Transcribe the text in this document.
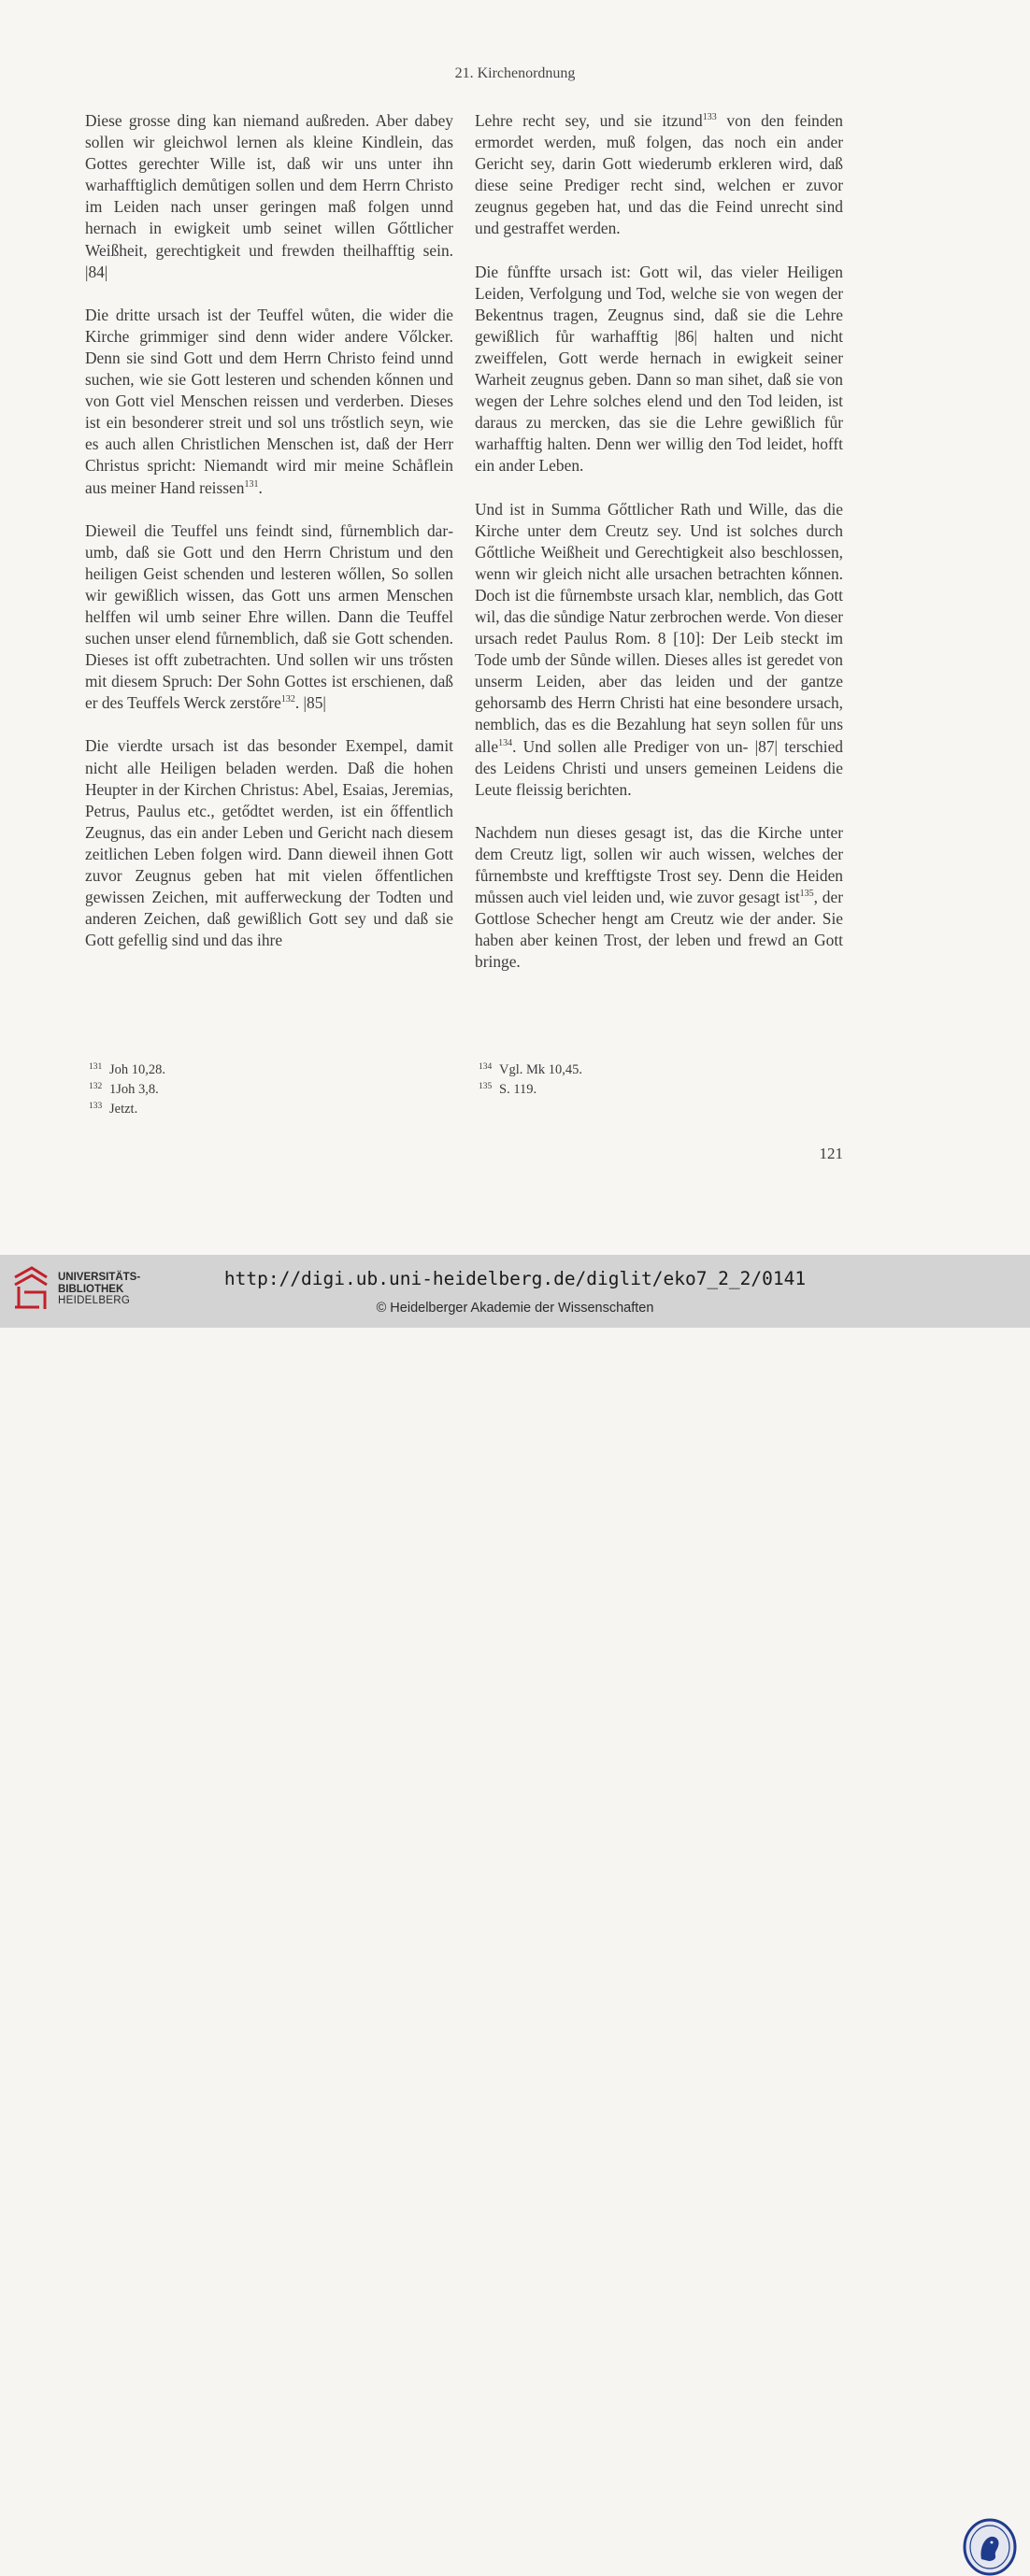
21. Kirchenordnung

Diese grosse ding kan niemand außreden. Aber dabey sollen wir gleichwol lernen als kleine Kindlein, das Gottes gerechter Wille ist, daß wir uns unter ihn warhafftiglich demůtigen sollen und dem Herrn Christo im Leiden nach unser geringen maß folgen unnd hernach in ewigkeit umb seinet willen Gőttlicher Weißheit, gerechtigkeit und frewden theilhafftig sein. |84|

Die dritte ursach ist der Teuffel wůten, die wider die Kirche grimmiger sind denn wider andere Vőlcker. Denn sie sind Gott und dem Herrn Christo feind unnd suchen, wie sie Gott lesteren und schenden kőnnen und von Gott viel Menschen reissen und verderben. Dieses ist ein besonderer streit und sol uns trőstlich seyn, wie es auch allen Christlichen Menschen ist, daß der Herr Christus spricht: Niemandt wird mir meine Schåflein aus meiner Hand reissen$^{131}$.

Dieweil die Teuffel uns feindt sind, fůrnemblich darumb, daß sie Gott und den Herrn Christum und den heiligen Geist schenden und lesteren wőllen, So sollen wir gewißlich wissen, das Gott uns armen Menschen helffen wil umb seiner Ehre willen. Dann die Teuffel suchen unser elend fůrnemblich, daß sie Gott schenden. Dieses ist offt zubetrachten. Und sollen wir uns trősten mit diesem Spruch: Der Sohn Gottes ist erschienen, daß er des Teuffels Werck zerstőre$^{132}$. |85|

Die vierdte ursach ist das besonder Exempel, damit nicht alle Heiligen beladen werden. Daß die hohen Heupter in der Kirchen Christus: Abel, Esaias, Jeremias, Petrus, Paulus etc., getődtet werden, ist ein őffentlich Zeugnus, das ein ander Leben und Gericht nach diesem zeitlichen Leben folgen wird. Dann dieweil ihnen Gott zuvor Zeugnus geben hat mit vielen őffentlichen gewissen Zeichen, mit aufferweckung der Todten und anderen Zeichen, daß gewißlich Gott sey und daß sie Gott gefellig sind und das ihre

Lehre recht sey, und sie itzund$^{133}$ von den feinden ermordet werden, muß folgen, das noch ein ander Gericht sey, darin Gott wiederumb erkleren wird, daß diese seine Prediger recht sind, welchen er zuvor zeugnus gegeben hat, und das die Feind unrecht sind und gestraffet werden.

Die fůnffte ursach ist: Gott wil, das vieler Heiligen Leiden, Verfolgung und Tod, welche sie von wegen der Bekentnus tragen, Zeugnus sind, daß sie die Lehre gewißlich fůr warhafftig |86| halten und nicht zweiffelen, Gott werde hernach in ewigkeit seiner Warheit zeugnus geben. Dann so man sihet, daß sie von wegen der Lehre solches elend und den Tod leiden, ist daraus zu mercken, das sie die Lehre gewißlich fůr warhafftig halten. Denn wer willig den Tod leidet, hofft ein ander Leben.

Und ist in Summa Gőttlicher Rath und Wille, das die Kirche unter dem Creutz sey. Und ist solches durch Gőttliche Weißheit und Gerechtigkeit also beschlossen, wenn wir gleich nicht alle ursachen betrachten kőnnen. Doch ist die fůrnembste ursach klar, nemblich, das Gott wil, das die sůndige Natur zerbrochen werde. Von dieser ursach redet Paulus Rom. 8 [10]: Der Leib steckt im Tode umb der Sůnde willen. Dieses alles ist geredet von unserm Leiden, aber das leiden und der gantze gehorsamb des Herrn Christi hat eine besondere ursach, nemblich, das es die Bezahlung hat seyn sollen fůr uns alle$^{134}$. Und sollen alle Prediger von un- |87| terschied des Leidens Christi und unsers gemeinen Leidens die Leute fleissig berichten.

Nachdem nun dieses gesagt ist, das die Kirche unter dem Creutz ligt, sollen wir auch wissen, welches der fůrnembste und krefftigste Trost sey. Denn die Heiden můssen auch viel leiden und, wie zuvor gesagt ist$^{135}$, der Gottlose Schecher hengt am Creutz wie der ander. Sie haben aber keinen Trost, der leben und frewd an Gott bringe.

131 Joh 10,28.
132 1Joh 3,8.
133 Jetzt.
134 Vgl. Mk 10,45.
135 S. 119.
121
UNIVERSITÄTS-
BIBLIOTHEK
HEIDELBERG
http://digi.ub.uni-heidelberg.de/diglit/eko7_2_2/0141
© Heidelberger Akademie der Wissenschaften
